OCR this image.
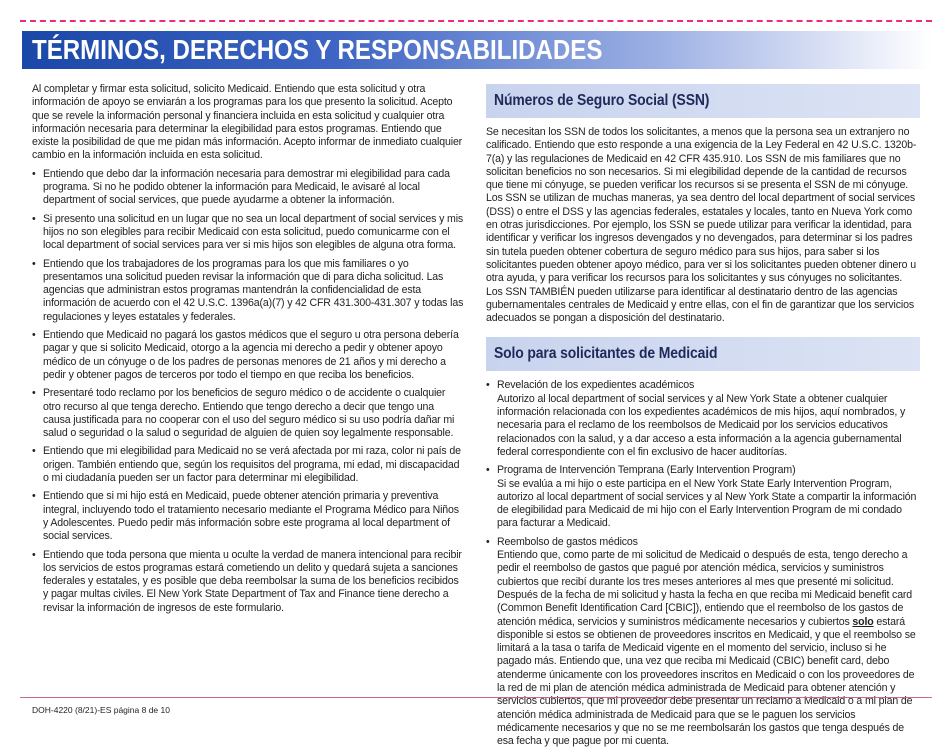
TÉRMINOS, DERECHOS Y RESPONSABILIDADES

Al completar y firmar esta solicitud, solicito Medicaid. Entiendo que esta solicitud y otra información de apoyo se enviarán a los programas para los que presento la solicitud. Acepto que se revele la información personal y financiera incluida en esta solicitud y cualquier otra información necesaria para determinar la elegibilidad para estos programas. Entiendo que existe la posibilidad de que me pidan más información. Acepto informar de inmediato cualquier cambio en la información incluida en esta solicitud.

• Entiendo que debo dar la información necesaria para demostrar mi elegibilidad para cada programa. Si no he podido obtener la información para Medicaid, le avisaré al local department of social services, que puede ayudarme a obtener la información.
• Si presento una solicitud en un lugar que no sea un local department of social services y mis hijos no son elegibles para recibir Medicaid con esta solicitud, puedo comunicarme con el local department of social services para ver si mis hijos son elegibles de alguna otra forma.
• Entiendo que los trabajadores de los programas para los que mis familiares o yo presentamos una solicitud pueden revisar la información que di para dicha solicitud. Las agencias que administran estos programas mantendrán la confidencialidad de esta información de acuerdo con el 42 U.S.C. 1396a(a)(7) y 42 CFR 431.300-431.307 y todas las regulaciones y leyes estatales y federales.
• Entiendo que Medicaid no pagará los gastos médicos que el seguro u otra persona debería pagar y que si solicito Medicaid, otorgo a la agencia mi derecho a pedir y obtener apoyo médico de un cónyuge o de los padres de personas menores de 21 años y mi derecho a pedir y obtener pagos de terceros por todo el tiempo en que reciba los beneficios.
• Presentaré todo reclamo por los beneficios de seguro médico o de accidente o cualquier otro recurso al que tenga derecho. Entiendo que tengo derecho a decir que tengo una causa justificada para no cooperar con el uso del seguro médico si su uso podría dañar mi salud o seguridad o la salud o seguridad de alguien de quien soy legalmente responsable.
• Entiendo que mi elegibilidad para Medicaid no se verá afectada por mi raza, color ni país de origen. También entiendo que, según los requisitos del programa, mi edad, mi discapacidad o mi ciudadanía pueden ser un factor para determinar mi elegibilidad.
• Entiendo que si mi hijo está en Medicaid, puede obtener atención primaria y preventiva integral, incluyendo todo el tratamiento necesario mediante el Programa Médico para Niños y Adolescentes. Puedo pedir más información sobre este programa al local department of social services.
• Entiendo que toda persona que mienta u oculte la verdad de manera intencional para recibir los servicios de estos programas estará cometiendo un delito y quedará sujeta a sanciones federales y estatales, y es posible que deba reembolsar la suma de los beneficios recibidos y pagar multas civiles. El New York State Department of Tax and Finance tiene derecho a revisar la información de ingresos de este formulario.
Números de Seguro Social (SSN)

Se necesitan los SSN de todos los solicitantes, a menos que la persona sea un extranjero no calificado. Entiendo que esto responde a una exigencia de la Ley Federal en 42 U.S.C. 1320b-7(a) y las regulaciones de Medicaid en 42 CFR 435.910. Los SSN de mis familiares que no solicitan beneficios no son necesarios. Si mi elegibilidad depende de la cantidad de recursos que tiene mi cónyuge, se pueden verificar los recursos si se presenta el SSN de mi cónyuge. Los SSN se utilizan de muchas maneras, ya sea dentro del local department of social services (DSS) o entre el DSS y las agencias federales, estatales y locales, tanto en Nueva York como en otras jurisdicciones. Por ejemplo, los SSN se puede utilizar para verificar la identidad, para identificar y verificar los ingresos devengados y no devengados, para determinar si los padres sin tutela pueden obtener cobertura de seguro médico para sus hijos, para saber si los solicitantes pueden obtener apoyo médico, para ver si los solicitantes pueden obtener dinero u otra ayuda, y para verificar los recursos para los solicitantes y sus cónyuges no solicitantes. Los SSN TAMBIÉN pueden utilizarse para identificar al destinatario dentro de las agencias gubernamentales centrales de Medicaid y entre ellas, con el fin de garantizar que los servicios adecuados se pongan a disposición del destinatario.

Solo para solicitantes de Medicaid
• Revelación de los expedientes académicos
Autorizo al local department of social services y al New York State a obtener cualquier información relacionada con los expedientes académicos de mis hijos, aquí nombrados, y necesaria para el reclamo de los reembolsos de Medicaid por los servicios educativos relacionados con la salud, y a dar acceso a esta información a la agencia gubernamental federal correspondiente con el fin exclusivo de hacer auditorías.
• Programa de Intervención Temprana (Early Intervention Program)
Si se evalúa a mi hijo o este participa en el New York State Early Intervention Program, autorizo al local department of social services y al New York State a compartir la información de elegibilidad para Medicaid de mi hijo con el Early Intervention Program de mi condado para facturar a Medicaid.
• Reembolso de gastos médicos
Entiendo que, como parte de mi solicitud de Medicaid o después de esta, tengo derecho a pedir el reembolso de gastos que pagué por atención médica, servicios y suministros cubiertos que recibí durante los tres meses anteriores al mes que presenté mi solicitud. Después de la fecha de mi solicitud y hasta la fecha en que reciba mi Medicaid benefit card (Common Benefit Identification Card [CBIC]), entiendo que el reembolso de los gastos de atención médica, servicios y suministros médicamente necesarios y cubiertos solo estará disponible si estos se obtienen de proveedores inscritos en Medicaid, y que el reembolso se limitará a la tasa o tarifa de Medicaid vigente en el momento del servicio, incluso si he pagado más. Entiendo que, una vez que reciba mi Medicaid (CBIC) benefit card, debo atenderme únicamente con los proveedores inscritos en Medicaid o con los proveedores de la red de mi plan de atención médica administrada de Medicaid para obtener atención y servicios cubiertos, que mi proveedor debe presentar un reclamo a Medicaid o a mi plan de atención médica administrada de Medicaid para que se le paguen los servicios médicamente necesarios y que no se me reembolsarán los gastos que tenga después de esa fecha y que pague por mi cuenta.
DOH-4220 (8/21)-ES página 8 de 10
